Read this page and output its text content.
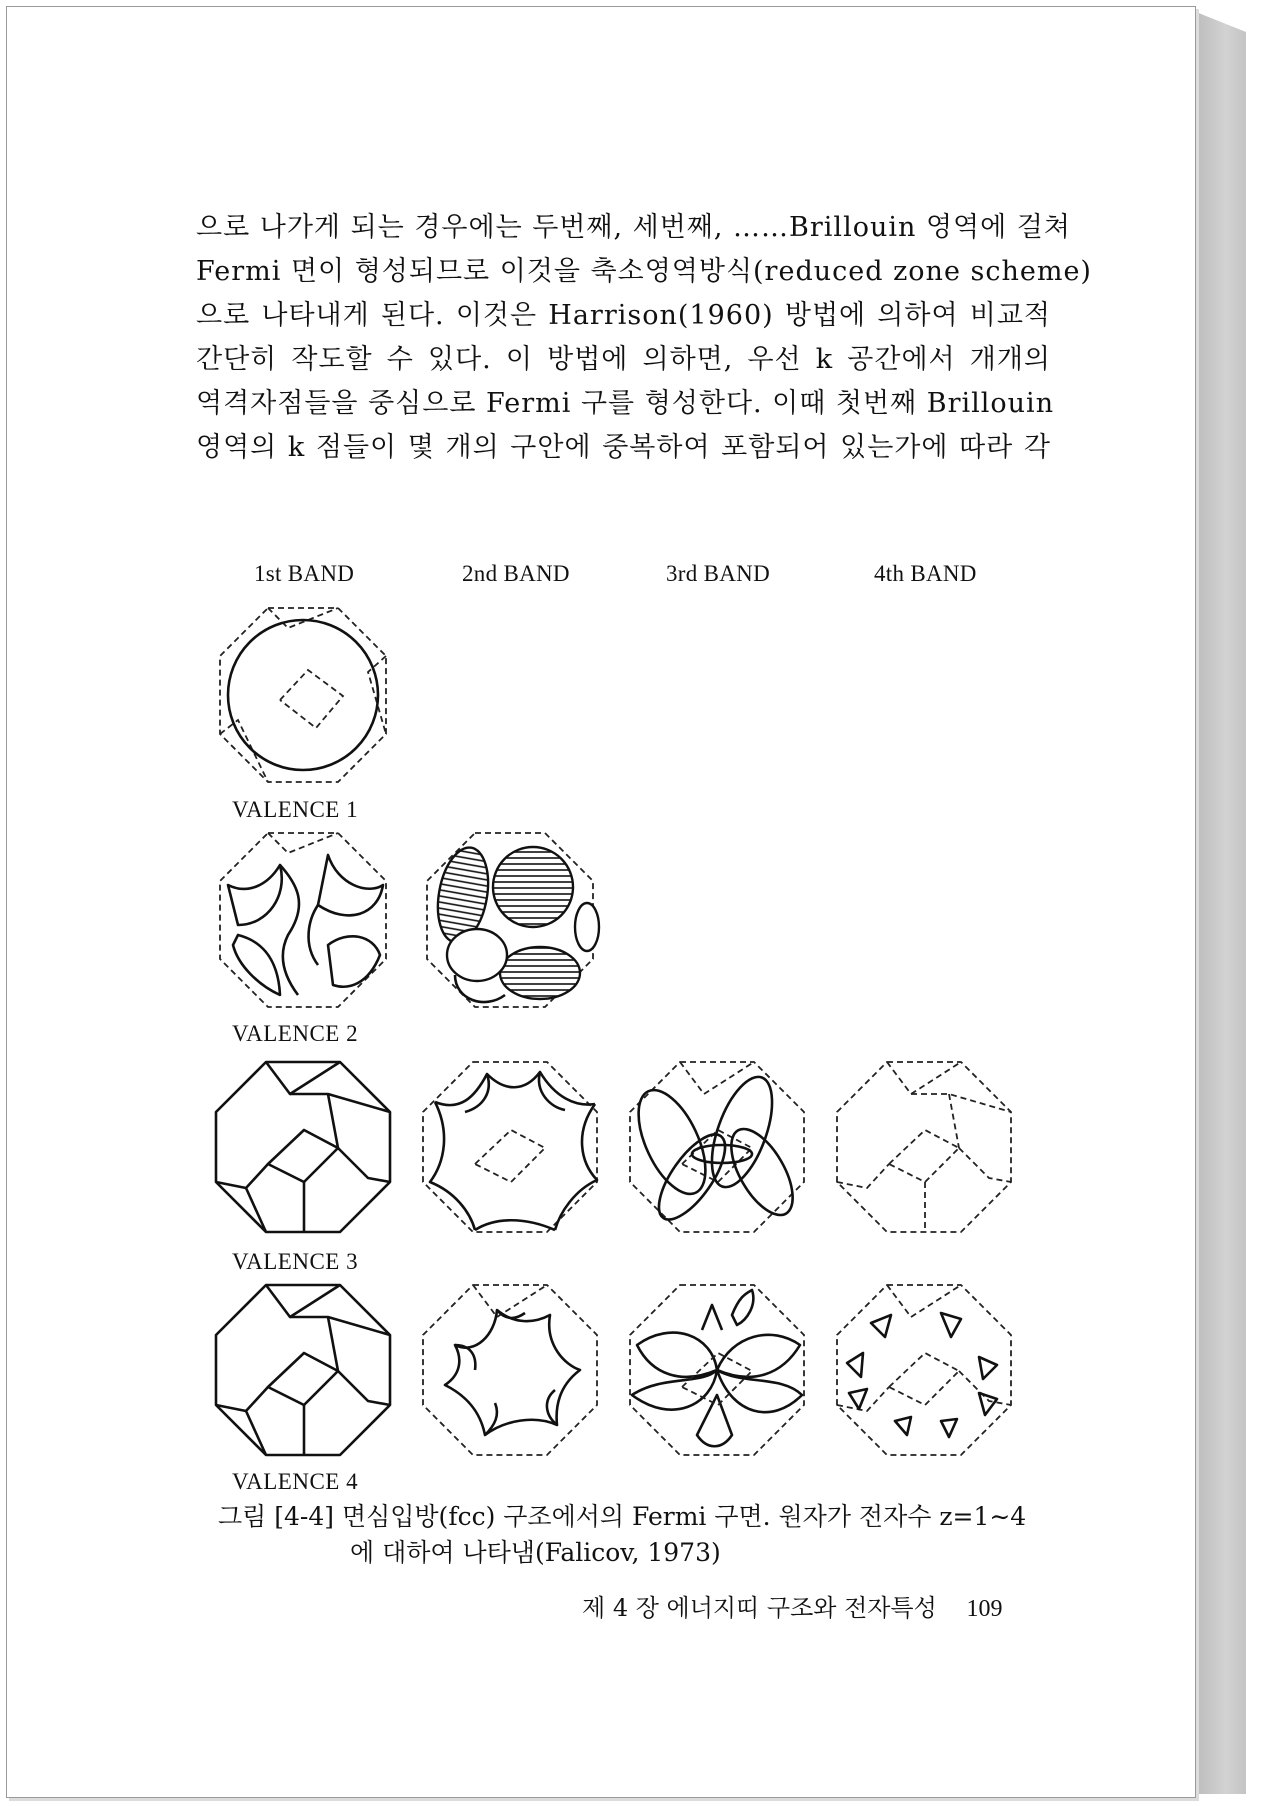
으로 나가게 되는 경우에는 두번째, 세번째, ……Brillouin 영역에 걸쳐
Fermi 면이 형성되므로 이것을 축소영역방식(reduced zone scheme)
으로 나타내게 된다. 이것은 Harrison(1960) 방법에 의하여 비교적
간단히 작도할 수 있다. 이 방법에 의하면, 우선 k 공간에서 개개의
역격자점들을 중심으로 Fermi 구를 형성한다. 이때 첫번째 Brillouin
영역의 k 점들이 몇 개의 구안에 중복하여 포함되어 있는가에 따라 각
1st BAND	2nd BAND	3rd BAND	4th BAND
VALENCE 1
VALENCE 2
VALENCE 3
VALENCE 4
그림 [4-4] 면심입방(fcc) 구조에서의 Fermi 구면. 원자가 전자수 z=1∼4
에 대하여 나타냄(Falicov, 1973)
제 4 장 에너지띠 구조와 전자특성 109
